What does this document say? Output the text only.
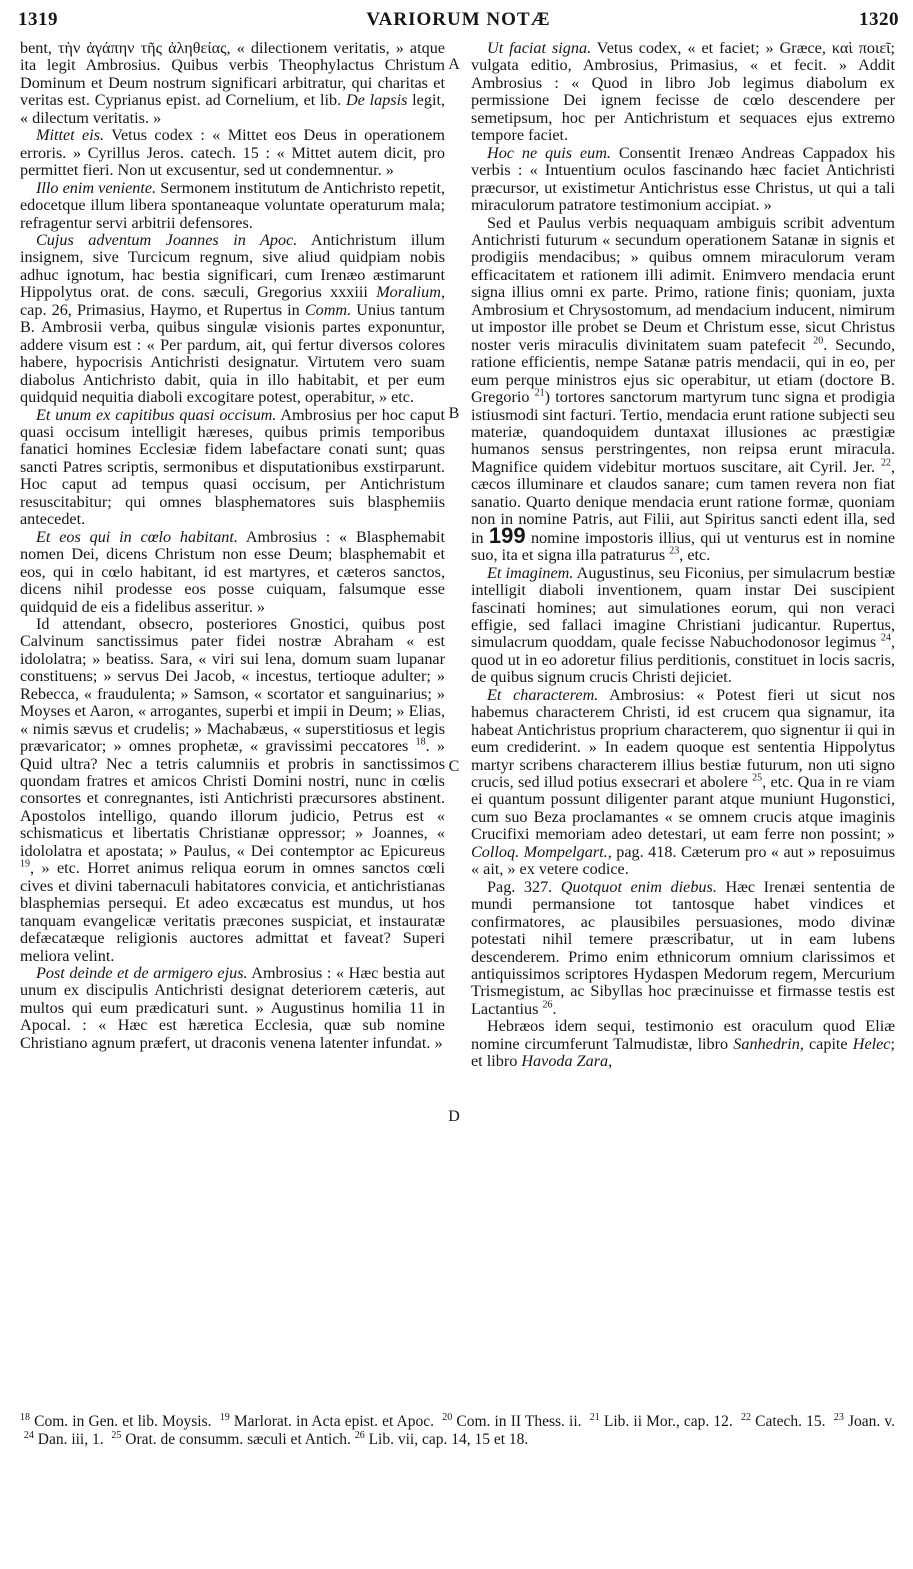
1319	VARIORUM NOTÆ	1320

bent, τὴν ἀγάπην τῆς ἀληθείας, « dilectionem veritatis, » atque ita legit Ambrosius. Quibus verbis Theophylactus Christum Dominum et Deum nostrum significari arbitratur, qui charitas et veritas est. Cyprianus epist. ad Cornelium, et lib. De lapsis legit, « dilectum veritatis. »

Mittet eis. Vetus codex : « Mittet eos Deus in operationem erroris. » Cyrillus Jeros. catech. 15 : « Mittet autem dicit, pro permittet fieri. Non ut excusentur, sed ut condemnentur. »

Illo enim veniente. Sermonem institutum de Antichristo repetit, edocetque illum libera spontaneaque voluntate operaturum mala; refragentur servi arbitrii defensores.

Cujus adventum Joannes in Apoc. Antichristum illum insignem, sive Turcicum regnum, sive aliud quidpiam nobis adhuc ignotum, hac bestia significari, cum Irenæo æstimarunt Hippolytus orat. de cons. sæculi, Gregorius xxxiii Moralium, cap. 26, Primasius, Haymo, et Rupertus in Comm. Unius tantum B. Ambrosii verba, quibus singulæ visionis partes exponuntur, addere visum est : « Per pardum, ait, qui fertur diversos colores habere, hypocrisis Antichristi designatur. Virtutem vero suam diabolus Antichristo dabit, quia in illo habitabit, et per eum quidquid nequitia diaboli excogitare potest, operabitur, » etc.

Et unum ex capitibus quasi occisum. Ambrosius per hoc caput quasi occisum intelligit hæreses, quibus primis temporibus fanatici homines Ecclesiæ fidem labefactare conati sunt; quas sancti Patres scriptis, sermonibus et disputationibus exstirparunt. Hoc caput ad tempus quasi occisum, per Antichristum resuscitabitur; qui omnes blasphematores suis blasphemiis antecedet.

Et eos qui in cœlo habitant. Ambrosius : « Blasphemabit nomen Dei, dicens Christum non esse Deum; blasphemabit et eos, qui in cœlo habitant, id est martyres, et cæteros sanctos, dicens nihil prodesse eos posse cuiquam, falsumque esse quidquid de eis a fidelibus asseritur. »

Id attendant, obsecro, posteriores Gnostici, quibus post Calvinum sanctissimus pater fidei nostræ Abraham « est idololatra; » beatiss. Sara, « viri sui lena, domum suam lupanar constituens; » servus Dei Jacob, « incestus, tertioque adulter; » Rebecca, « fraudulenta; » Samson, « scortator et sanguinarius; » Moyses et Aaron, « arrogantes, superbi et impii in Deum; » Elias, « nimis sævus et crudelis; » Machabæus, « superstitiosus et legis prævaricator; » omnes prophetæ, « gravissimi peccatores $^{18}$. » Quid ultra? Nec a tetris calumniis et probris in sanctissimos quondam fratres et amicos Christi Domini nostri, nunc in cœlis consortes et conregnantes, isti Antichristi præcursores abstinent. Apostolos intelligo, quando illorum judicio, Petrus est « schismaticus et libertatis Christianæ oppressor; » Joannes, « idololatra et apostata; » Paulus, « Dei contemptor ac Epicureus $^{19}$, » etc. Horret animus reliqua eorum in omnes sanctos cœli cives et divini tabernaculi habitatores convicia, et antichristianas blasphemias persequi. Et adeo excæcatus est mundus, ut hos tanquam evangelicæ veritatis præcones suspiciat, et instauratæ defæcatæque religionis auctores admittat et faveat? Superi meliora velint.

Post deinde et de armigero ejus. Ambrosius : « Hæc bestia aut unum ex discipulis Antichristi designat deteriorem cæteris, aut multos qui eum prædicaturi sunt. » Augustinus homilia 11 in Apocal. : « Hæc est hæretica Ecclesia, quæ sub nomine Christiano agnum præfert, ut draconis venena latenter infundat. »

Ut faciat signa. Vetus codex, « et faciet; » Græce, καὶ ποιεῖ; vulgata editio, Ambrosius, Primasius, « et fecit. » Addit Ambrosius : « Quod in libro Job legimus diabolum ex permissione Dei ignem fecisse de cœlo descendere per semetipsum, hoc per Antichristum et sequaces ejus extremo tempore faciet.

Hoc ne quis eum. Consentit Irenæo Andreas Cappadox his verbis : « Intuentium oculos fascinando hæc faciet Antichristi præcursor, ut existimetur Antichristus esse Christus, ut qui a tali miraculorum patratore testimonium accipiat. »

Sed et Paulus verbis nequaquam ambiguis scribit adventum Antichristi futurum « secundum operationem Satanæ in signis et prodigiis mendacibus; » quibus omnem miraculorum veram efficacitatem et rationem illi adimit. Enimvero mendacia erunt signa illius omni ex parte. Primo, ratione finis; quoniam, juxta Ambrosium et Chrysostomum, ad mendacium inducent, nimirum ut impostor ille probet se Deum et Christum esse, sicut Christus noster veris miraculis divinitatem suam patefecit $^{20}$. Secundo, ratione efficientis, nempe Satanæ patris mendacii, qui in eo, per eum perque ministros ejus sic operabitur, ut etiam (doctore B. Gregorio $^{21}$) tortores sanctorum martyrum tunc signa et prodigia istiusmodi sint facturi. Tertio, mendacia erunt ratione subjecti seu materiæ, quandoquidem duntaxat illusiones ac præstigiæ humanos sensus perstringentes, non reipsa erunt miracula. Magnifice quidem videbitur mortuos suscitare, ait Cyril. Jer. $^{22}$, cæcos illuminare et claudos sanare; cum tamen revera non fiat sanatio. Quarto denique mendacia erunt ratione formæ, quoniam non in nomine Patris, aut Filii, aut Spiritus sancti edent illa, sed in 199 nomine impostoris illius, qui ut venturus est in nomine suo, ita et signa illa patraturus $^{23}$, etc.

Et imaginem. Augustinus, seu Ficonius, per simulacrum bestiæ intelligit diaboli inventionem, quam instar Dei suscipient fascinati homines; aut simulationes eorum, qui non veraci effigie, sed fallaci imagine Christiani judicantur. Rupertus, simulacrum quoddam, quale fecisse Nabuchodonosor legimus $^{24}$, quod ut in eo adoretur filius perditionis, constituet in locis sacris, de quibus signum crucis Christi dejiciet.

Et characterem. Ambrosius: « Potest fieri ut sicut nos habemus characterem Christi, id est crucem qua signamur, ita habeat Antichristus proprium characterem, quo signentur ii qui in eum crediderint. » In eadem quoque est sententia Hippolytus martyr scribens characterem illius bestiæ futurum, non uti signo crucis, sed illud potius exsecrari et abolere $^{25}$, etc. Qua in re viam ei quantum possunt diligenter parant atque muniunt Hugonstici, cum suo Beza proclamantes « se omnem crucis atque imaginis Crucifixi memoriam adeo detestari, ut eam ferre non possint; » Colloq. Mompelgart., pag. 418. Cæterum pro « aut » reposuimus « ait, » ex vetere codice.

Pag. 327. Quotquot enim diebus. Hæc Irenæi sententia de mundi permansione tot tantosque habet vindices et confirmatores, ac plausibiles persuasiones, modo divinæ potestati nihil temere præscribatur, ut in eam lubens descenderem. Primo enim ethnicorum omnium clarissimos et antiquissimos scriptores Hydaspen Medorum regem, Mercurium Trismegistum, ac Sibyllas hoc præcinuisse et firmasse testis est Lactantius $^{26}$.

Hebræos idem sequi, testimonio est oraculum quod Eliæ nomine circumferunt Talmudistæ, libro Sanhedrin, capite Helec; et libro Havoda Zara,

A
B
C
D
$^{18}$ Com. in Gen. et lib. Moysis.  $^{19}$ Marlorat. in Acta epist. et Apoc.  $^{20}$ Com. in II Thess. ii.  $^{21}$ Lib. ii Mor., cap. 12.  $^{22}$ Catech. 15.  $^{23}$ Joan. v.  $^{24}$ Dan. iii, 1.  $^{25}$ Orat. de consumm. sæculi et Antich. $^{26}$ Lib. vii, cap. 14, 15 et 18.
